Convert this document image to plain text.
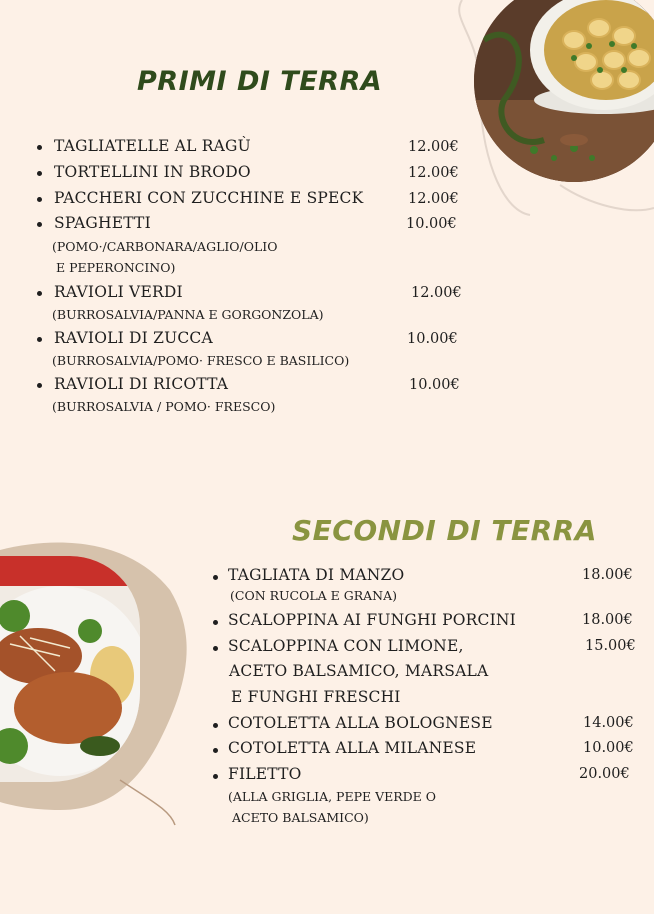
PRIMI DI TERRA
TAGLIATELLE AL RAGÙ	12.00€
TORTELLINI IN BRODO	12.00€
PACCHERI CON ZUCCHINE E SPECK	12.00€
SPAGHETTI	10.00€
(POMO·/CARBONARA/AGLIO/OLIO
E PEPERONCINO)
RAVIOLI VERDI	12.00€
(BURROSALVIA/PANNA E GORGONZOLA)
RAVIOLI DI ZUCCA	10.00€
(BURROSALVIA/POMO· FRESCO E BASILICO)
RAVIOLI DI RICOTTA	10.00€
(BURROSALVIA / POMO· FRESCO)
SECONDI DI TERRA
TAGLIATA DI MANZO	18.00€
(CON RUCOLA E GRANA)
SCALOPPINA AI FUNGHI PORCINI	18.00€
SCALOPPINA CON LIMONE,	15.00€
ACETO BALSAMICO, MARSALA
E FUNGHI FRESCHI
COTOLETTA ALLA BOLOGNESE	14.00€
COTOLETTA ALLA MILANESE	10.00€
FILETTO	20.00€
(ALLA GRIGLIA, PEPE VERDE O
ACETO BALSAMICO)
